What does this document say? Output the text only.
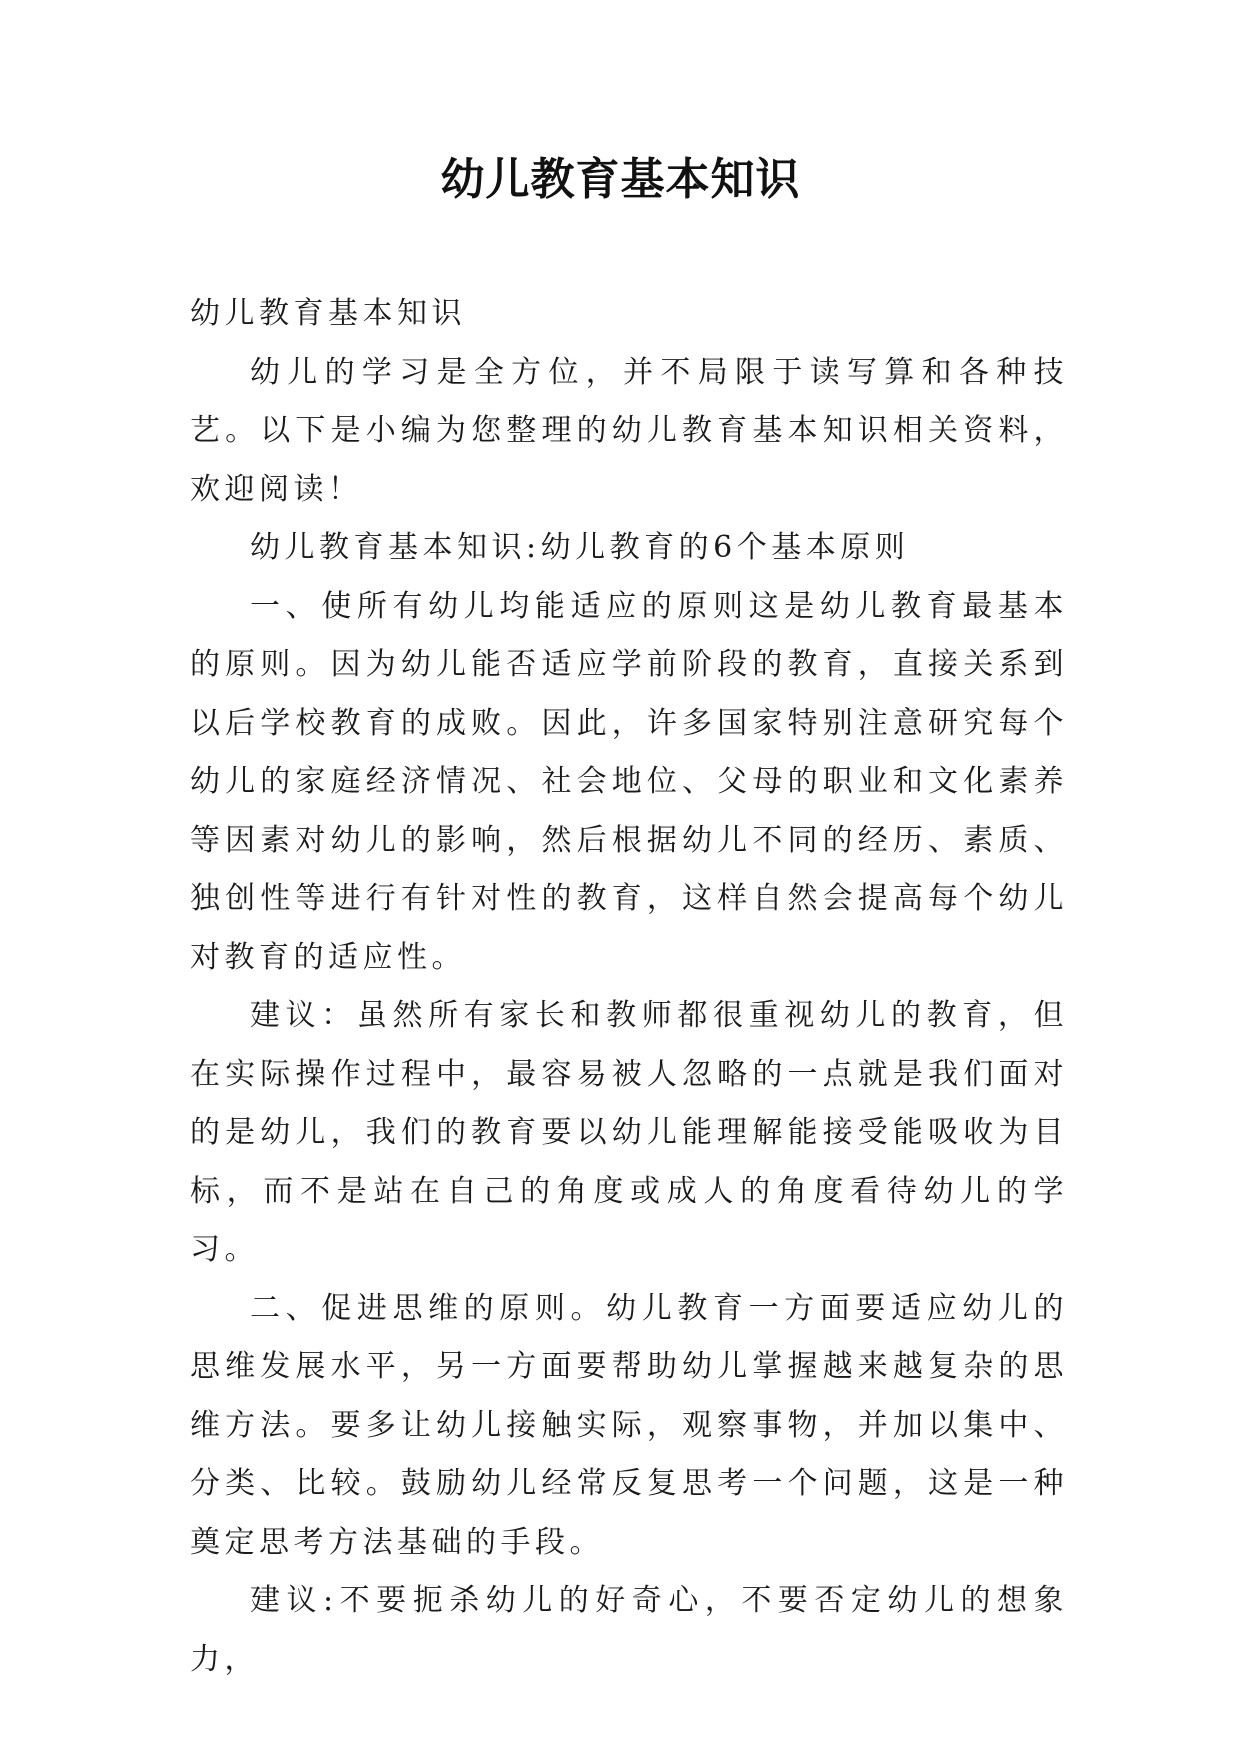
幼儿教育基本知识

幼儿教育基本知识

幼儿的学习是全方位，并不局限于读写算和各种技艺。以下是小编为您整理的幼儿教育基本知识相关资料，欢迎阅读！

幼儿教育基本知识:幼儿教育的6个基本原则

一、使所有幼儿均能适应的原则这是幼儿教育最基本的原则。因为幼儿能否适应学前阶段的教育，直接关系到以后学校教育的成败。因此，许多国家特别注意研究每个幼儿的家庭经济情况、社会地位、父母的职业和文化素养等因素对幼儿的影响，然后根据幼儿不同的经历、素质、独创性等进行有针对性的教育，这样自然会提高每个幼儿对教育的适应性。

建议：虽然所有家长和教师都很重视幼儿的教育，但在实际操作过程中，最容易被人忽略的一点就是我们面对的是幼儿，我们的教育要以幼儿能理解能接受能吸收为目标，而不是站在自己的角度或成人的角度看待幼儿的学习。

二、促进思维的原则。幼儿教育一方面要适应幼儿的思维发展水平，另一方面要帮助幼儿掌握越来越复杂的思维方法。要多让幼儿接触实际，观察事物，并加以集中、分类、比较。鼓励幼儿经常反复思考一个问题，这是一种奠定思考方法基础的手段。

建议:不要扼杀幼儿的好奇心，不要否定幼儿的想象力，
